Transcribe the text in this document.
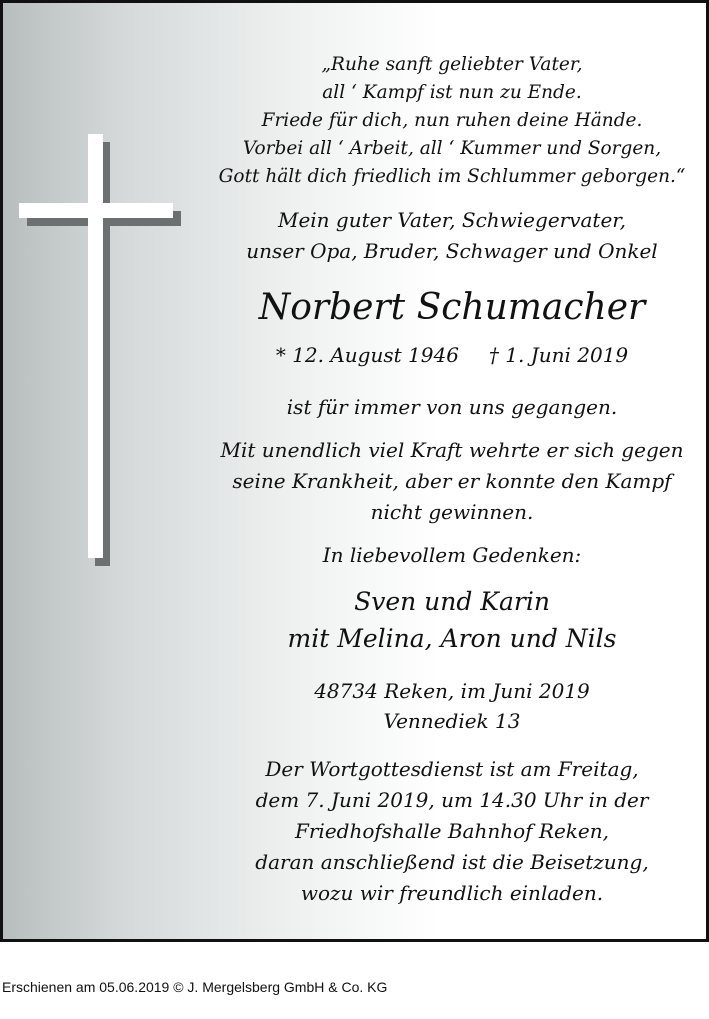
„Ruhe sanft geliebter Vater,
all ‘ Kampf ist nun zu Ende.
Friede für dich, nun ruhen deine Hände.
Vorbei all ‘ Arbeit, all ‘ Kummer und Sorgen,
Gott hält dich friedlich im Schlummer geborgen.“
Mein guter Vater, Schwiegervater,
unser Opa, Bruder, Schwager und Onkel
Norbert Schumacher
* 12. August 1946 † 1. Juni 2019
ist für immer von uns gegangen.
Mit unendlich viel Kraft wehrte er sich gegen
seine Krankheit, aber er konnte den Kampf
nicht gewinnen.
In liebevollem Gedenken:
Sven und Karin
mit Melina, Aron und Nils
48734 Reken, im Juni 2019
Vennediek 13
Der Wortgottesdienst ist am Freitag,
dem 7. Juni 2019, um 14.30 Uhr in der
Friedhofshalle Bahnhof Reken,
daran anschließend ist die Beisetzung,
wozu wir freundlich einladen.
Erschienen am 05.06.2019 © J. Mergelsberg GmbH & Co. KG
